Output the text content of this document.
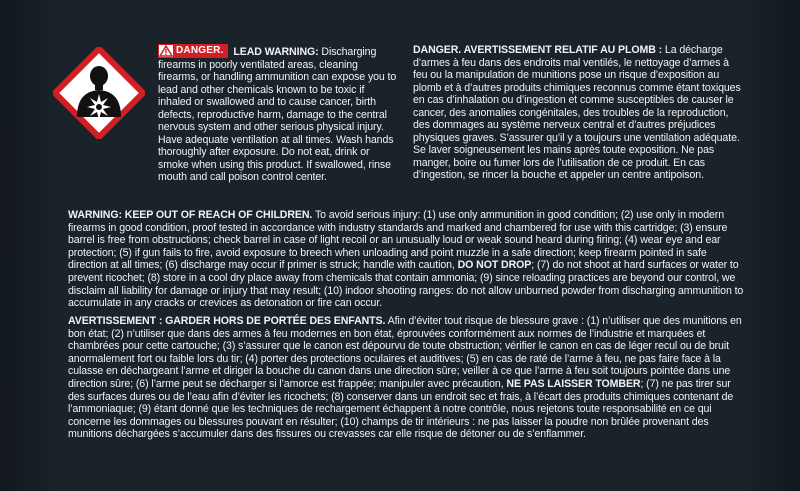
DANGER. LEAD WARNING: Discharging firearms in poorly ventilated areas, cleaning firearms, or handling ammunition can expose you to lead and other chemicals known to be toxic if inhaled or swallowed and to cause cancer, birth defects, reproductive harm, damage to the central nervous system and other serious physical injury. Have adequate ventilation at all times. Wash hands thoroughly after exposure. Do not eat, drink or smoke when using this product. If swallowed, rinse mouth and call poison control center.
DANGER. AVERTISSEMENT RELATIF AU PLOMB : La décharge d’armes à feu dans des endroits mal ventilés, le nettoyage d’armes à feu ou la manipulation de munitions pose un risque d’exposition au plomb et à d’autres produits chimiques reconnus comme étant toxiques en cas d’inhalation ou d’ingestion et comme susceptibles de causer le cancer, des anomalies congénitales, des troubles de la reproduction, des dommages au système nerveux central et d’autres préjudices physiques graves. S’assurer qu’il y a toujours une ventilation adéquate. Se laver soigneusement les mains après toute exposition. Ne pas manger, boire ou fumer lors de l’utilisation de ce produit. En cas d’ingestion, se rincer la bouche et appeler un centre antipoison.
WARNING: KEEP OUT OF REACH OF CHILDREN. To avoid serious injury: (1) use only ammunition in good condition; (2) use only in modern firearms in good condition, proof tested in accordance with industry standards and marked and chambered for use with this cartridge; (3) ensure barrel is free from obstructions; check barrel in case of light recoil or an unusually loud or weak sound heard during firing; (4) wear eye and ear protection; (5) if gun fails to fire, avoid exposure to breech when unloading and point muzzle in a safe direction; keep firearm pointed in safe direction at all times; (6) discharge may occur if primer is struck; handle with caution, DO NOT DROP; (7) do not shoot at hard surfaces or water to prevent ricochet; (8) store in a cool dry place away from chemicals that contain ammonia; (9) since reloading practices are beyond our control, we disclaim all liability for damage or injury that may result; (10) indoor shooting ranges: do not allow unburned powder from discharging ammunition to accumulate in any cracks or crevices as detonation or fire can occur.
AVERTISSEMENT : GARDER HORS DE PORTÉE DES ENFANTS. Afin d’éviter tout risque de blessure grave : (1) n’utiliser que des munitions en bon état; (2) n’utiliser que dans des armes à feu modernes en bon état, éprouvées conformément aux normes de l’industrie et marquées et chambrées pour cette cartouche; (3) s’assurer que le canon est dépourvu de toute obstruction; vérifier le canon en cas de léger recul ou de bruit anormalement fort ou faible lors du tir; (4) porter des protections oculaires et auditives; (5) en cas de raté de l’arme à feu, ne pas faire face à la culasse en déchargeant l’arme et diriger la bouche du canon dans une direction sûre; veiller à ce que l’arme à feu soit toujours pointée dans une direction sûre; (6) l’arme peut se décharger si l’amorce est frappée; manipuler avec précaution, NE PAS LAISSER TOMBER; (7) ne pas tirer sur des surfaces dures ou de l’eau afin d’éviter les ricochets; (8) conserver dans un endroit sec et frais, à l’écart des produits chimiques contenant de l’ammoniaque; (9) étant donné que les techniques de rechargement échappent à notre contrôle, nous rejetons toute responsabilité en ce qui concerne les dommages ou blessures pouvant en résulter; (10) champs de tir intérieurs : ne pas laisser la poudre non brûlée provenant des munitions déchargées s’accumuler dans des fissures ou crevasses car elle risque de détoner ou de s’enflammer.
